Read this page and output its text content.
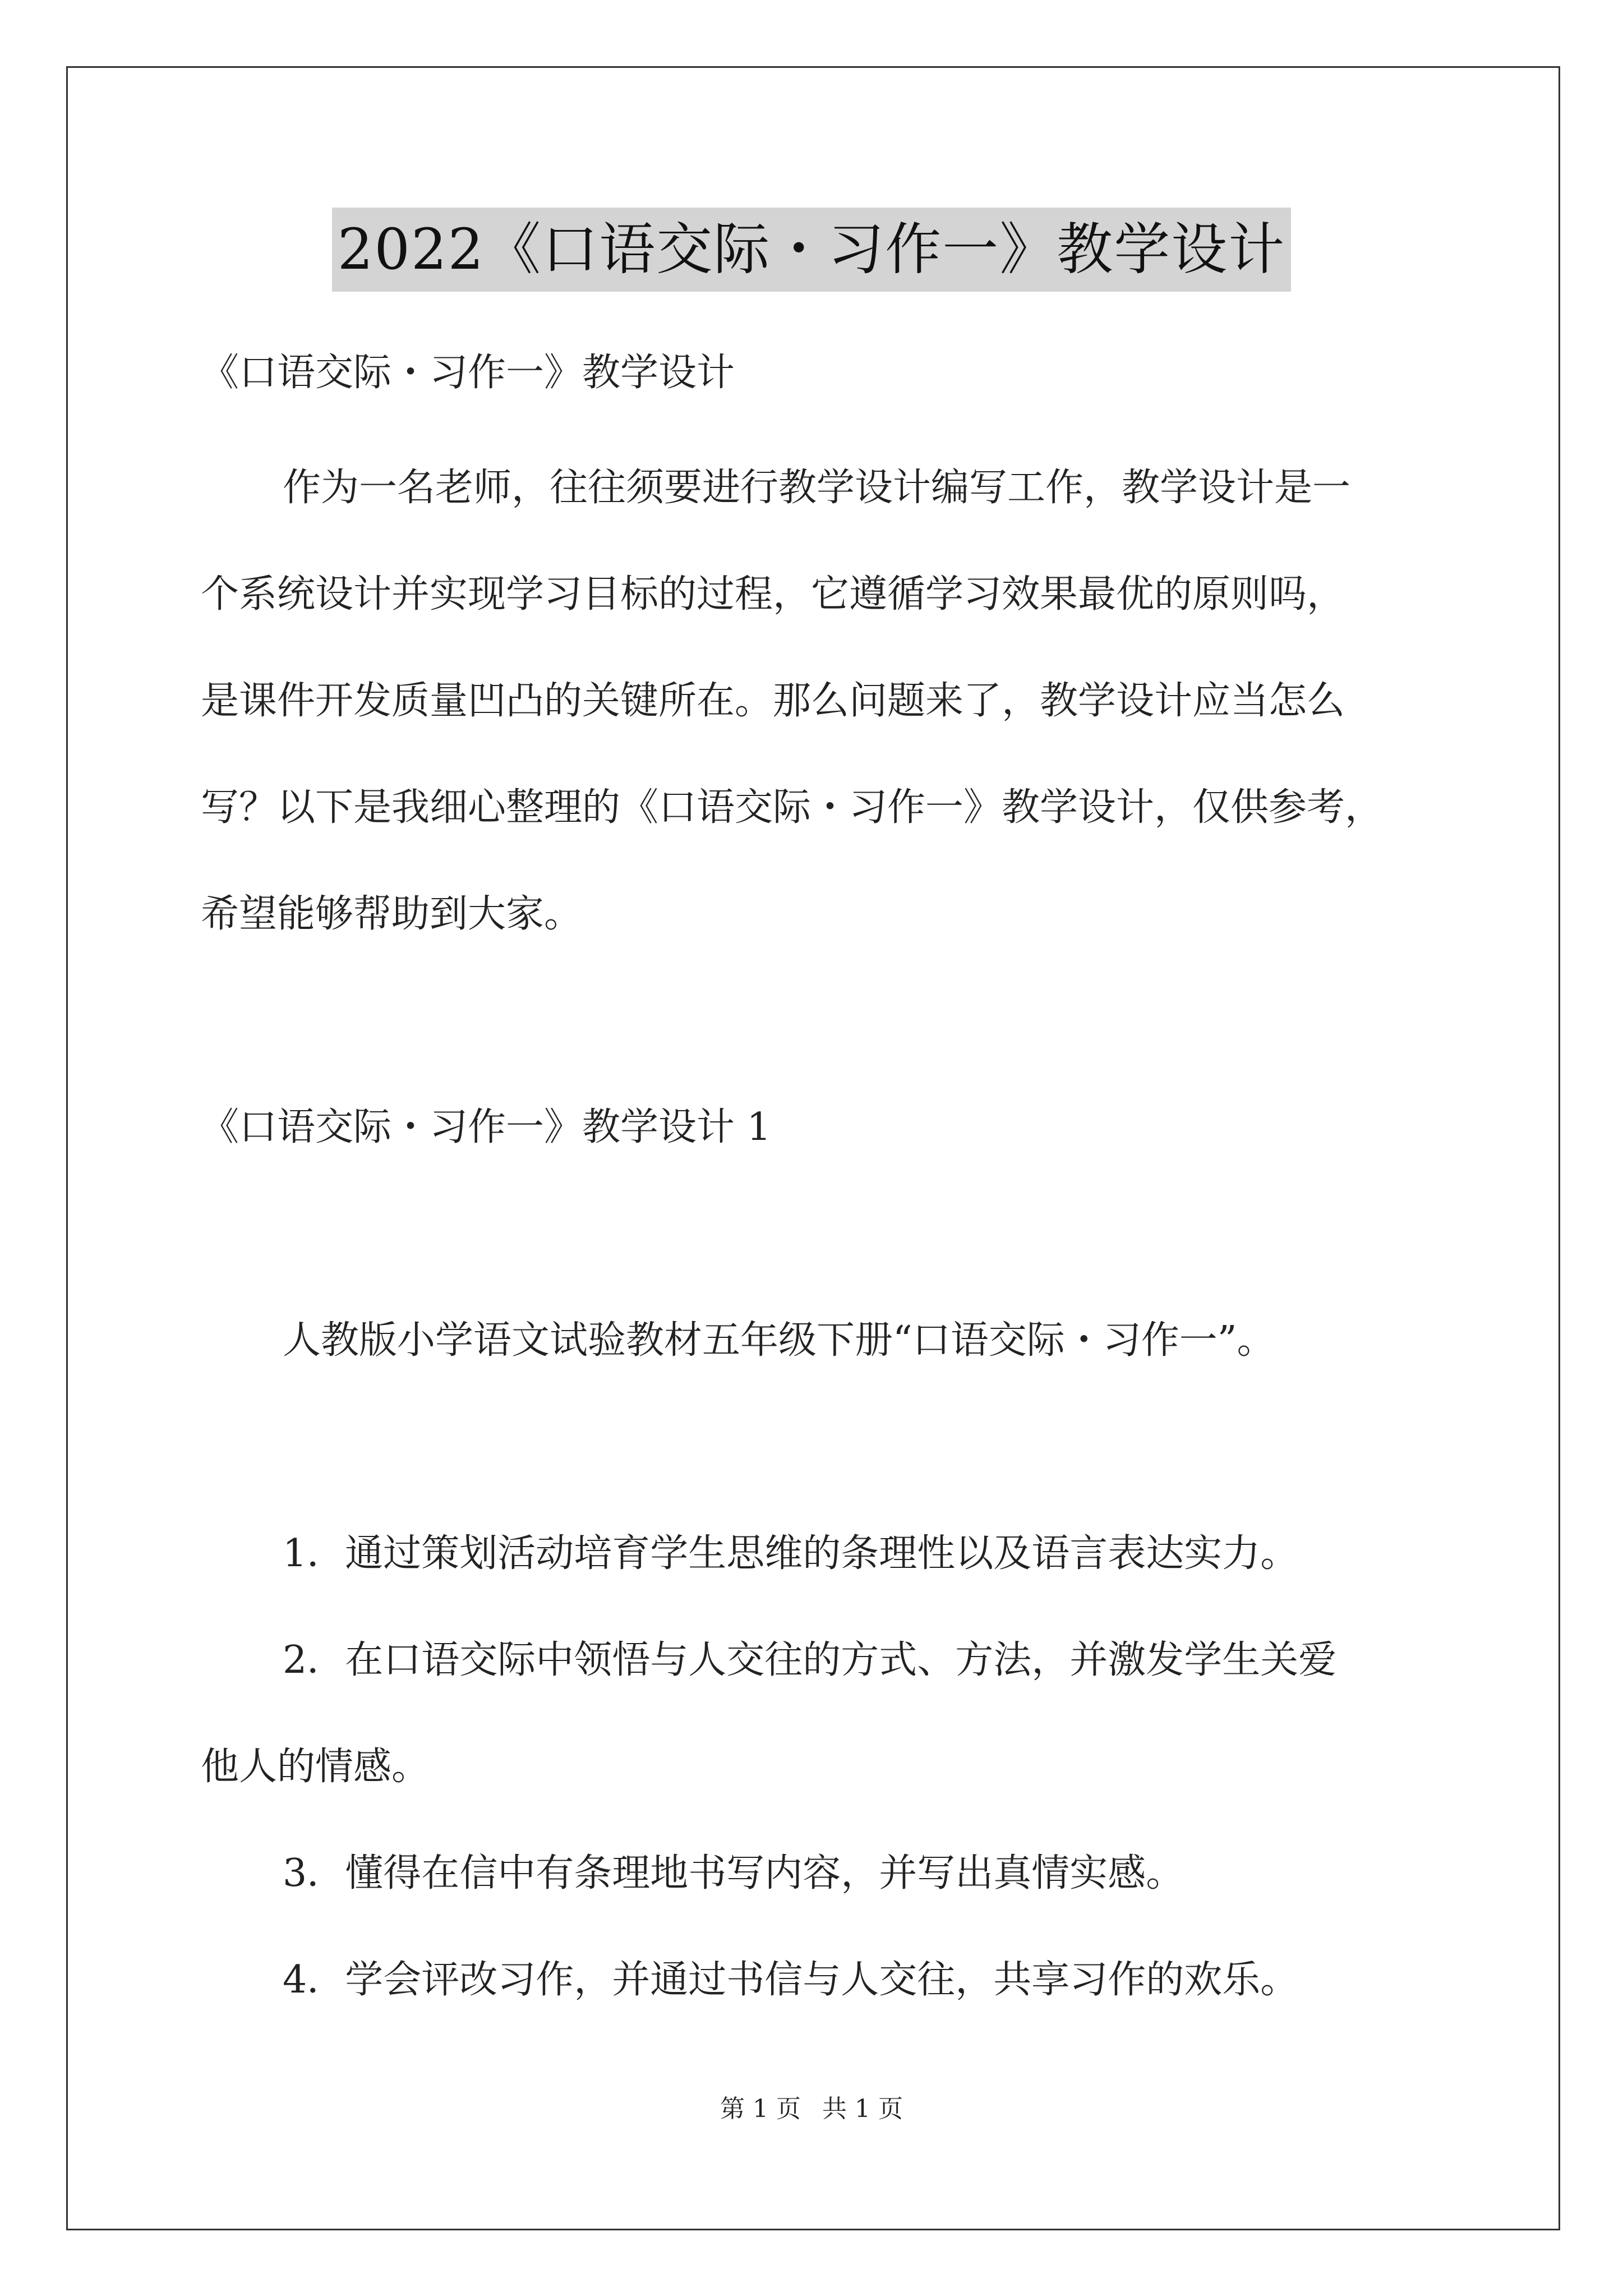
2022《口语交际・习作一》教学设计
《口语交际・习作一》教学设计
作为一名老师，往往须要进行教学设计编写工作，教学设计是一
个系统设计并实现学习目标的过程，它遵循学习效果最优的原则吗，
是课件开发质量凹凸的关键所在。那么问题来了，教学设计应当怎么
写？以下是我细心整理的《口语交际・习作一》教学设计，仅供参考，
希望能够帮助到大家。
《口语交际・习作一》教学设计 1
人教版小学语文试验教材五年级下册“口语交际・习作一”。
1．通过策划活动培育学生思维的条理性以及语言表达实力。
2．在口语交际中领悟与人交往的方式、方法，并激发学生关爱
他人的情感。
3．懂得在信中有条理地书写内容，并写出真情实感。
4．学会评改习作，并通过书信与人交往，共享习作的欢乐。
第 1 页 共 1 页
